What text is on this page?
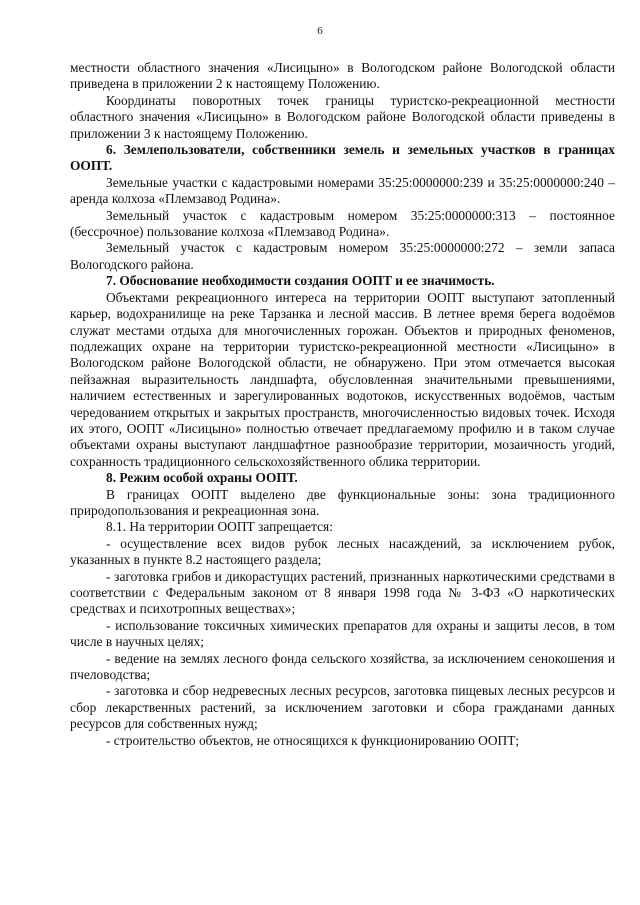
6

местности областного значения «Лисицыно» в Вологодском районе Вологодской области приведена в приложении 2 к настоящему Положению.

Координаты поворотных точек границы туристско-рекреационной местности областного значения «Лисицыно» в Вологодском районе Вологодской области приведены в приложении 3 к настоящему Положению.

6. Землепользователи, собственники земель и земельных участков в границах ООПТ.

Земельные участки с кадастровыми номерами 35:25:0000000:239 и 35:25:0000000:240 – аренда колхоза «Племзавод Родина».

Земельный участок с кадастровым номером 35:25:0000000:313 – постоянное (бессрочное) пользование колхоза «Племзавод Родина».

Земельный участок с кадастровым номером 35:25:0000000:272 – земли запаса Вологодского района.

7. Обоснование необходимости создания ООПТ и ее значимость.

Объектами рекреационного интереса на территории ООПТ выступают затопленный карьер, водохранилище на реке Тарзанка и лесной массив. В летнее время берега водоёмов служат местами отдыха для многочисленных горожан. Объектов и природных феноменов, подлежащих охране на территории туристско-рекреационной местности «Лисицыно» в Вологодском районе Вологодской области, не обнаружено. При этом отмечается высокая пейзажная выразительность ландшафта, обусловленная значительными превышениями, наличием естественных и зарегулированных водотоков, искусственных водоёмов, частым чередованием открытых и закрытых пространств, многочисленностью видовых точек. Исходя их этого, ООПТ «Лисицыно» полностью отвечает предлагаемому профилю и в таком случае объектами охраны выступают ландшафтное разнообразие территории, мозаичность угодий, сохранность традиционного сельскохозяйственного облика территории.

8. Режим особой охраны ООПТ.

В границах ООПТ выделено две функциональные зоны: зона традиционного природопользования и рекреационная зона.

8.1. На территории ООПТ запрещается:

- осуществление всех видов рубок лесных насаждений, за исключением рубок, указанных в пункте 8.2 настоящего раздела;

- заготовка грибов и дикорастущих растений, признанных наркотическими средствами в соответствии с Федеральным законом от 8 января 1998 года № 3-ФЗ «О наркотических средствах и психотропных веществах»;

- использование токсичных химических препаратов для охраны и защиты лесов, в том числе в научных целях;

- ведение на землях лесного фонда сельского хозяйства, за исключением сенокошения и пчеловодства;

- заготовка и сбор недревесных лесных ресурсов, заготовка пищевых лесных ресурсов и сбор лекарственных растений, за исключением заготовки и сбора гражданами данных ресурсов для собственных нужд;

- строительство объектов, не относящихся к функционированию ООПТ;
